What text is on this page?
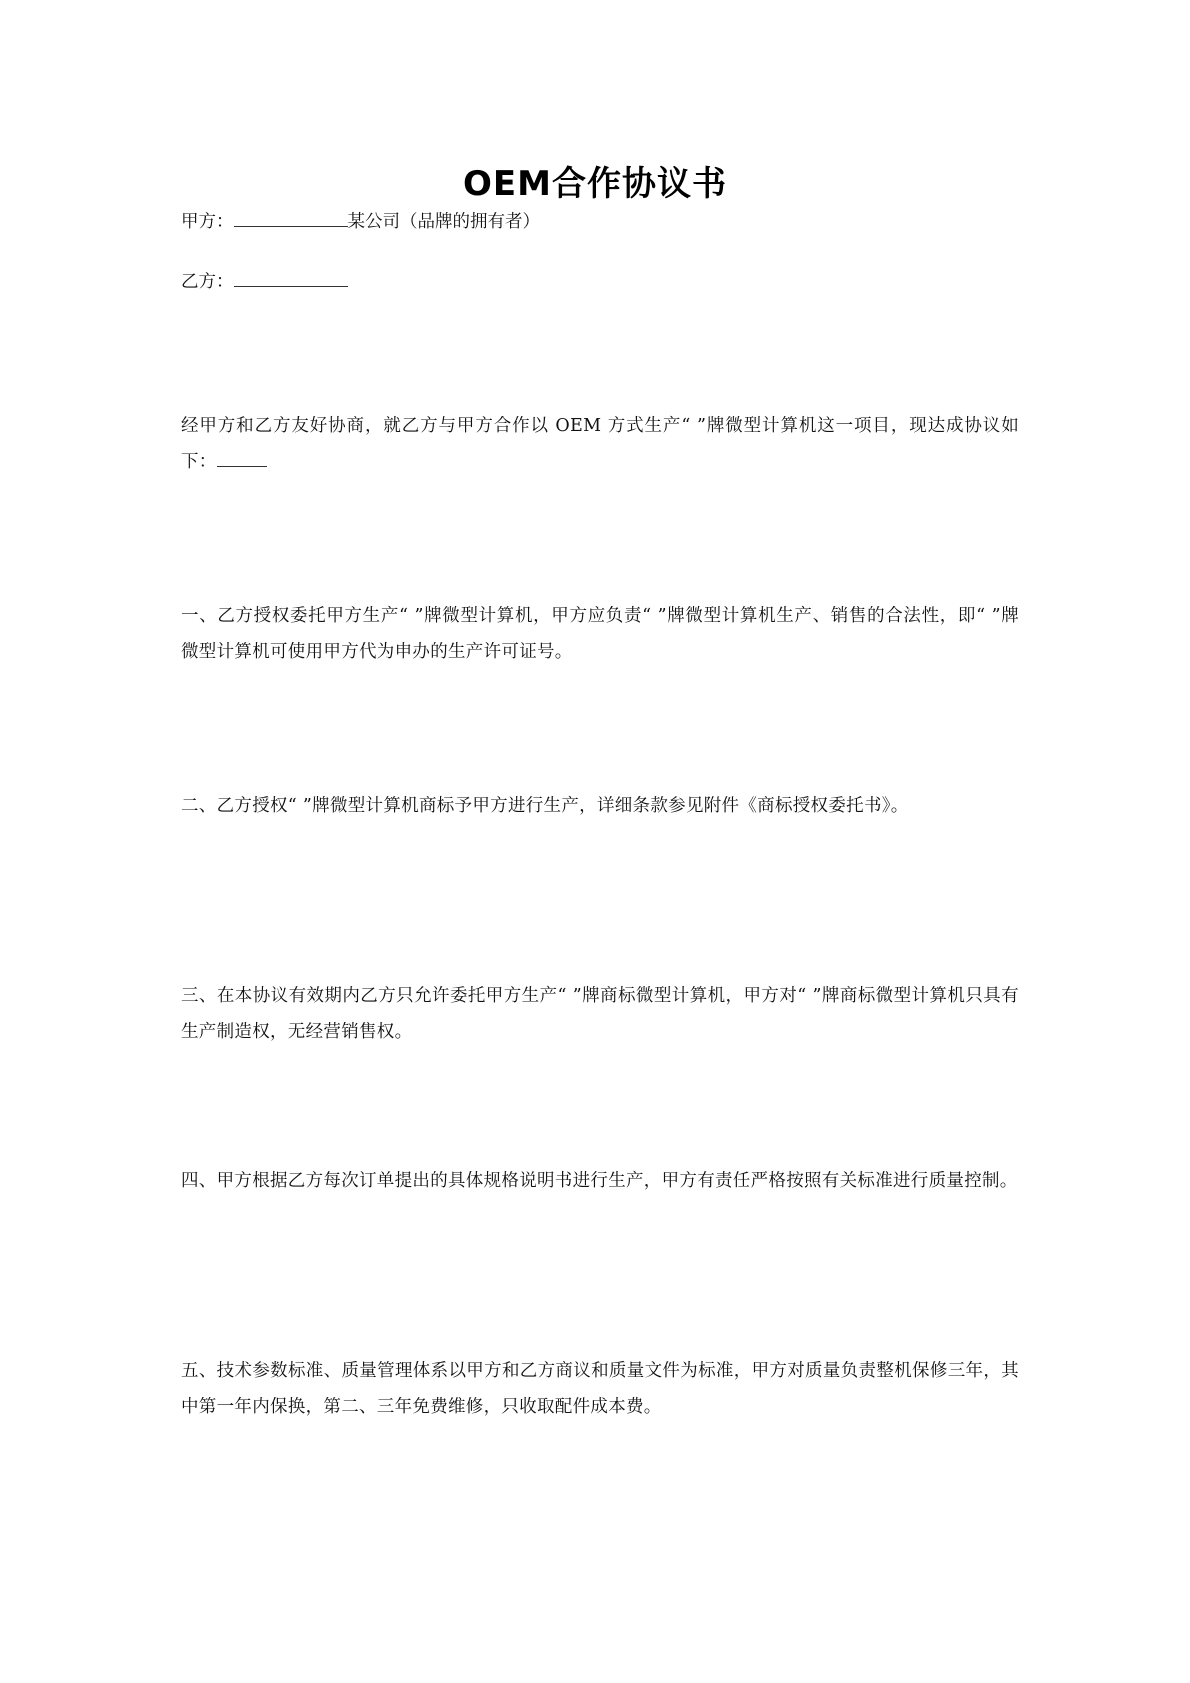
OEM合作协议书
甲方：	某公司（品牌的拥有者）
乙方：
经甲方和乙方友好协商，就乙方与甲方合作以 OEM 方式生产“ ”牌微型计算机这一项目，现达成协议如下：
一、乙方授权委托甲方生产“ ”牌微型计算机，甲方应负责“ ”牌微型计算机生产、销售的合法性，即“ ”牌微型计算机可使用甲方代为申办的生产许可证号。
二、乙方授权“ ”牌微型计算机商标予甲方进行生产，详细条款参见附件《商标授权委托书》。
三、在本协议有效期内乙方只允许委托甲方生产“ ”牌商标微型计算机，甲方对“ ”牌商标微型计算机只具有生产制造权，无经营销售权。
四、甲方根据乙方每次订单提出的具体规格说明书进行生产，甲方有责任严格按照有关标准进行质量控制。
五、技术参数标准、质量管理体系以甲方和乙方商议和质量文件为标准，甲方对质量负责整机保修三年，其中第一年内保换，第二、三年免费维修，只收取配件成本费。
